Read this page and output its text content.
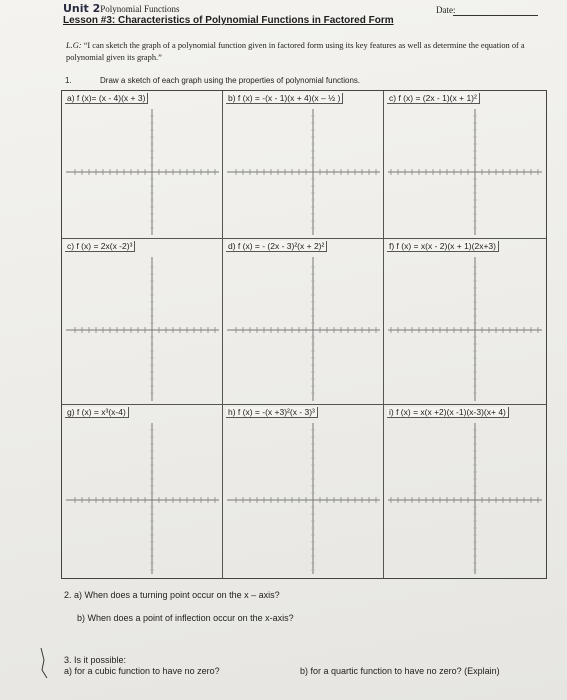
Unit 2Polynomial Functions
Lesson #3: Characteristics of Polynomial Functions in Factored Form
Date:
L.G: “I can sketch the graph of a polynomial function given in factored form using its key features as well as determine the equation of a polynomial given its graph.”
1.	Draw a sketch of each graph using the properties of polynomial functions.
a) f (x)= (x - 4)(x + 3)	b) f (x) = -(x - 1)(x + 4)(x – ½ )	c) f (x) = (2x - 1)(x + 1)²
c) f (x) = 2x(x -2)³	d) f (x) = - (2x - 3)²(x + 2)²	f) f (x) = x(x - 2)(x + 1)(2x+3)
g) f (x) = x³(x-4)	h) f (x) = -(x +3)²(x - 3)³	i) f (x) = x(x +2)(x -1)(x-3)(x+ 4)
2. a) When does a turning point occur on the x – axis?
b) When does a point of inflection occur on the x-axis?
3. Is it possible:
a) for a cubic function to have no zero?	b) for a quartic function to have no zero? (Explain)
